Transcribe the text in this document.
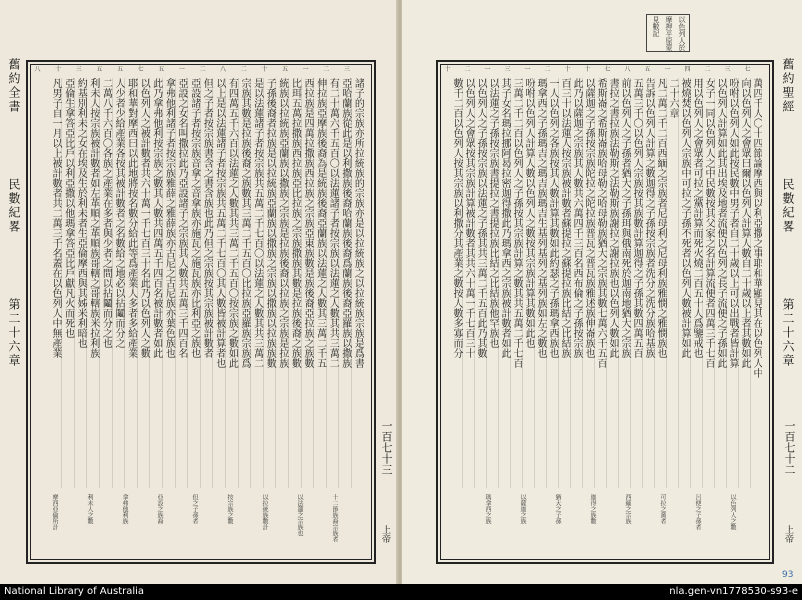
舊約全書
民數紀畧
第二十六章
三
二
一
五
十
二
八
二
一
五
七
五
五
三
十
八
諸子的宗族亦所拉統族的宗族亦是以拉統族之以拉統族宗族是爲書
亞哈蘭族從此是以利撒族後裔哈蘭族後裔爲蘭族後裔亞羅族以撒族
有二十萬六千五百〇以法蓮諸子者按宗族以法蓮之人數其共三萬二
伸拉族亞摩族後裔為是統族後裔亞蘭族以法蓮之人數其三萬二千五
西拉族是四萬拉撒族西拉族之宗族亞東族數是族後裔亞拉族之族數
比珥五萬拉撒族西拉族亞比拉族之宗族撒族其數是拉族後裔之族數
統族以拉統族亞蘭族以撒族之宗族是拉族後裔以拉族之宗族是拉族
子孫後裔者拉族是以拉統族亞蘭族以撒族之宗族以撒族以拉族族數
是以法蓮諸子者按宗族共五萬二千七百〇以法蓮之人數其共三萬二
宗族其數是拉族後裔之族數其三萬二千五百〇比拉族亞羅族宗族爲
有四萬五千六百以法蓮之人數其共三萬二千五百〇按宗族之數如此
以上是以法蓮諸子者按宗族共五萬二千七百〇其人數皆被計算者也
但之子者按宗族書含之書含族也此乃但之宗族按其宗族被計數者
亞設諸子者按宗族音拿之音拿族亦施瓦之施瓦族亦比利亞之族也
亞設之女名叫撒拉此乃亞設諸子之宗族其人數共五萬三千四百名
拿弗他利諸子者按宗族雅薛之雅薛族亦古尼之古尼族亦葉色族也
此乃拿弗他利按宗族之數其人數共四萬五千四百名被計數者如此
以色列人之被計數者共六十萬一千七百三十名此乃以色列人之數
耶和華對摩西曰以此地將按名數分給此等爲產業人多者多給產業
人少者少給產業各按其被計數者之名數給之地必以拈鬮而分之
二萬八千六百〇各族之產業在多者與少者之間以拈鬮而分之也
利未人按宗族被計數者如左革順之革順族哥轄之哥轄族米拉利族
約基別利未之女在埃及生於利未者生亞倫摩西與其姊米利暗也
亞倫生拿答亞比戶以利亞撒以他瑪拿答亞比戶獻凡火而死也
凡男子自一月以上被計數者共二萬三千名蓋在以色列人中無產業
十二節族裔宗族者
以法蓮之宗族也
以拉統族數計
按宗族之數
但之子孫者
亞設之族裔
拿弗他利族
利未人之數
摩西亞倫所計
一百七十三
上帝
以色列人於
摩押平原蒙
見數記
七
三
二
四
一
五
八
七
十
十
二
一
三
一
二
十
萬四千人〇十四節論摩西與以利亞撒之事耶和華顯見其在以色列人中
向以色列人之會眾曰爾以色列人計算人數自二十歲以上者其數如此
吩咐以色列人如此按民數中男子者自二十歲以上可以出戰者皆計算
以色列人計算如此其出埃及地者流便以色列之長子流便之子孫如此
女子一同以色列人之中民數按其父家之名計算流便者四萬三千七百
用以色列人之會眾者可拉之黨計算而死火燒二百五十人爲鑒戒也
被燒焚以色列人宗族中可拉之子孫不死者以色列人數被計算如此
二十六章
凡二萬二千二百西緬之宗族者尼母利之尼母利族雅憫之雅憫族也
告訴以色列人計算之數迦得之子孫按宗族者洗分之洗分族哈基族
五萬三千〇以色列人宗族按其族數計算迦得之子孫其數四萬五百
前以色列人之子孫者猶大之子孫珥與俄南死於迦南地猶大之宗族
書拉之書拉族法勒斯之法勒斯族謝拉之謝拉族也以色列人數如此
希斯崙之希斯崙族哈母勒之哈母勒族猶大之宗族其數七萬六千五百
以薩迦之子孫按宗族陀拉之陀拉族普瓦之普瓦族雅述族伸崙族也
此乃以薩迦之宗族其人數共六萬四千三百名西布倫之子孫按宗族
百三十以法蓮人按宗族被計數者蘇提拉之蘇提拉族比結之比結族
一人以色列之各族按其人數計算其數如此約瑟之子孫瑪拿西族也
瑪拿西之子孫瑪吉之瑪吉族瑪吉生基列基列之基列族如左之數也
吩咐以色列人計算人數以色列人之數按其宗族計算其數如此也
三萬二千二百以色列人之子孫按其宗族計算之數其共五萬二千七百
其子女名瑪拉挪阿曷拉密迦得撒此乃瑪拿西之宗族被計數者如此
以法蓮之子孫按宗族書提拉之書提拉族比結之比結族他罕族也
以色列人之子孫按宗族以法蓮之子孫其共三萬二千五百此乃其數
以色列人之會眾按其宗族計算被計數者其共六十萬一千七百三十
數千二百以色列人按其宗族以利撒分其產業之數按人數多寡而分
以色列人之數
呂便之子孫者
可拉之黨者
西緬之宗族
迦得之族數
猶大之子孫
以薩迦之族
瑪拿西之族
舊約聖經
民數紀畧
第二十六章
一百七十二
上帝
93
National Library of Australia	nla.gen-vn1778530-s93-e
